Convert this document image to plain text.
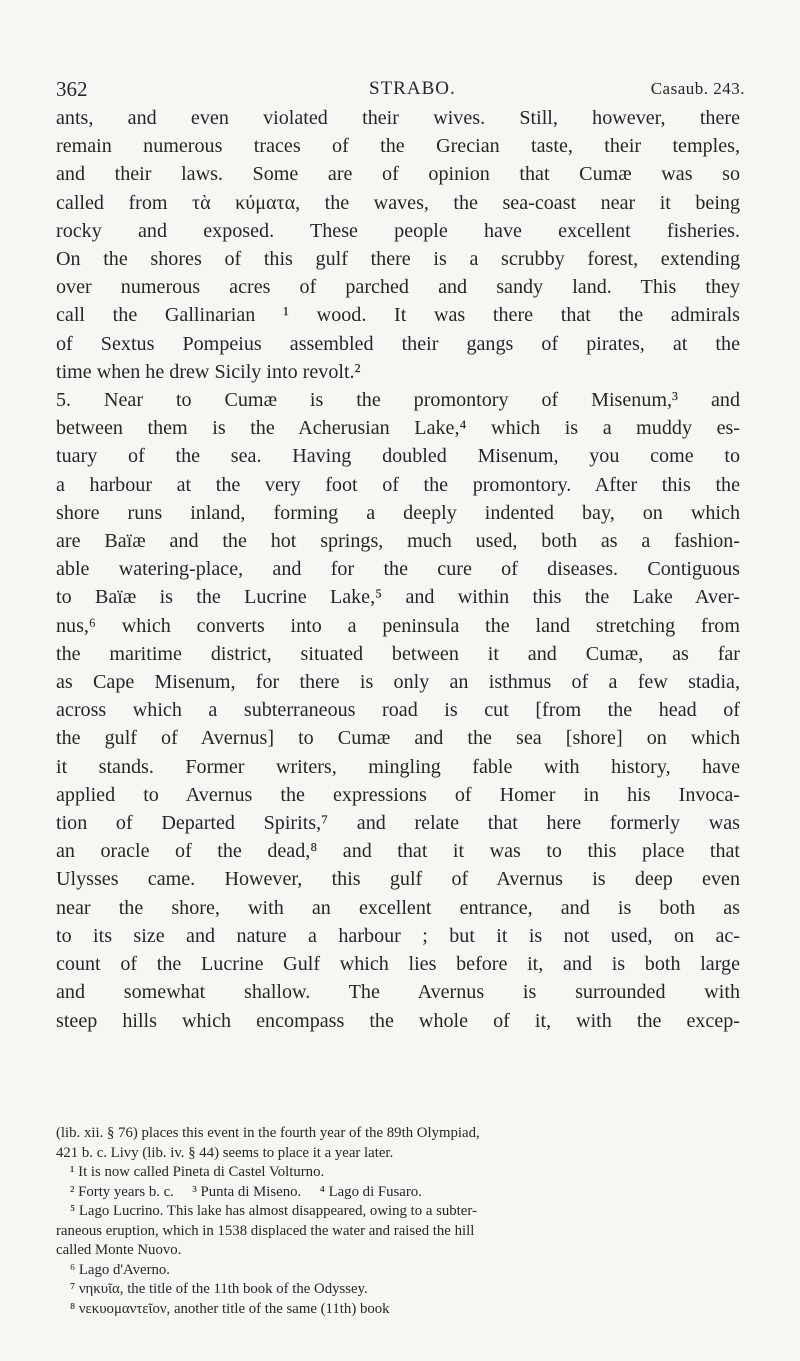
362	STRABO.	Casaub. 243.
ants, and even violated their wives. Still, however, there
remain numerous traces of the Grecian taste, their temples,
and their laws. Some are of opinion that Cumæ was so
called from τὰ κύματα, the waves, the sea-coast near it being
rocky and exposed. These people have excellent fisheries.
On the shores of this gulf there is a scrubby forest, extending
over numerous acres of parched and sandy land. This they
call the Gallinarian ¹ wood. It was there that the admirals
of Sextus Pompeius assembled their gangs of pirates, at the
time when he drew Sicily into revolt.²
5. Near to Cumæ is the promontory of Misenum,³ and
between them is the Acherusian Lake,⁴ which is a muddy es-
tuary of the sea. Having doubled Misenum, you come to
a harbour at the very foot of the promontory. After this the
shore runs inland, forming a deeply indented bay, on which
are Baïæ and the hot springs, much used, both as a fashion-
able watering-place, and for the cure of diseases. Contiguous
to Baïæ is the Lucrine Lake,⁵ and within this the Lake Aver-
nus,⁶ which converts into a peninsula the land stretching from
the maritime district, situated between it and Cumæ, as far
as Cape Misenum, for there is only an isthmus of a few stadia,
across which a subterraneous road is cut [from the head of
the gulf of Avernus] to Cumæ and the sea [shore] on which
it stands. Former writers, mingling fable with history, have
applied to Avernus the expressions of Homer in his Invoca-
tion of Departed Spirits,⁷ and relate that here formerly was
an oracle of the dead,⁸ and that it was to this place that
Ulysses came. However, this gulf of Avernus is deep even
near the shore, with an excellent entrance, and is both as
to its size and nature a harbour ; but it is not used, on ac-
count of the Lucrine Gulf which lies before it, and is both large
and somewhat shallow. The Avernus is surrounded with
steep hills which encompass the whole of it, with the excep-
(lib. xii. § 76) places this event in the fourth year of the 89th Olympiad,
421 b. c. Livy (lib. iv. § 44) seems to place it a year later.
¹ It is now called Pineta di Castel Volturno.
² Forty years b. c.     ³ Punta di Miseno.     ⁴ Lago di Fusaro.
⁵ Lago Lucrino. This lake has almost disappeared, owing to a subter-
raneous eruption, which in 1538 displaced the water and raised the hill
called Monte Nuovo.
⁶ Lago d'Averno.
⁷ νηκυῖα, the title of the 11th book of the Odyssey.
⁸ νεκυομαντεῖον, another title of the same (11th) book
